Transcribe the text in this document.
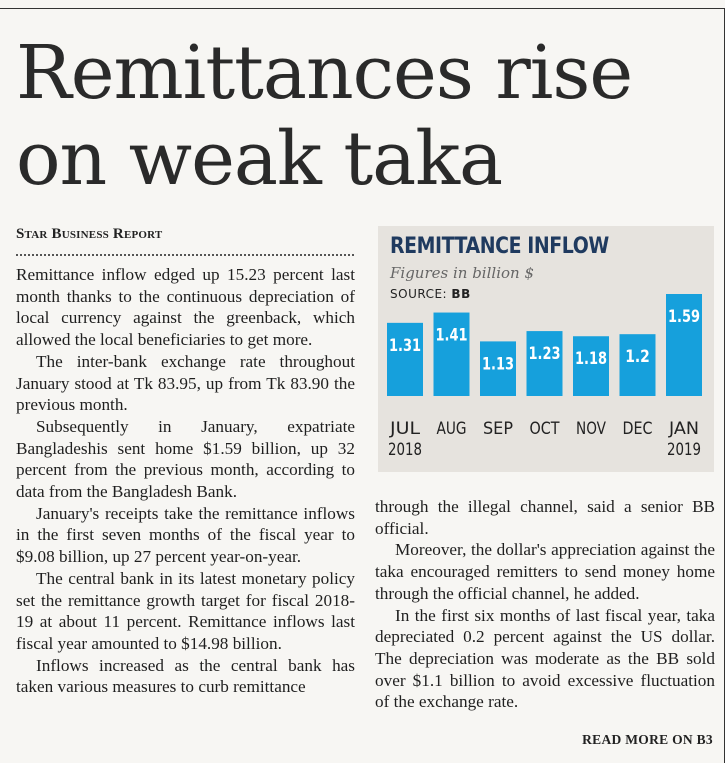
Remittances rise
on weak taka
Star Business Report

Remittance inflow edged up 15.23 percent last month thanks to the continuous depreciation of local currency against the greenback, which allowed the local beneficiaries to get more.

The inter-bank exchange rate throughout January stood at Tk 83.95, up from Tk 83.90 the previous month.

Subsequently in January, expatriate Bangladeshis sent home $1.59 billion, up 32 percent from the previous month, according to data from the Bangladesh Bank.

January's receipts take the remittance inflows in the first seven months of the fiscal year to $9.08 billion, up 27 percent year-on-year.

The central bank in its latest monetary policy set the remittance growth target for fiscal 2018-19 at about 11 percent. Remittance inflows last fiscal year amounted to $14.98 billion.

Inflows increased as the central bank has taken various measures to curb remittance

through the illegal channel, said a senior BB official.

Moreover, the dollar's appreciation against the taka encouraged remitters to send money home through the official channel, he added.

In the first six months of last fiscal year, taka depreciated 0.2 percent against the US dollar. The depreciation was moderate as the BB sold over $1.1 billion to avoid excessive fluctuation of the exchange rate.

READ MORE ON B3
REMITTANCE INFLOW
Figures in billion $
SOURCE: BB
1.31
JUL
2018
1.41
AUG
1.13
SEP
1.23
OCT
1.18
NOV
1.2
DEC
1.59
JAN
2019
